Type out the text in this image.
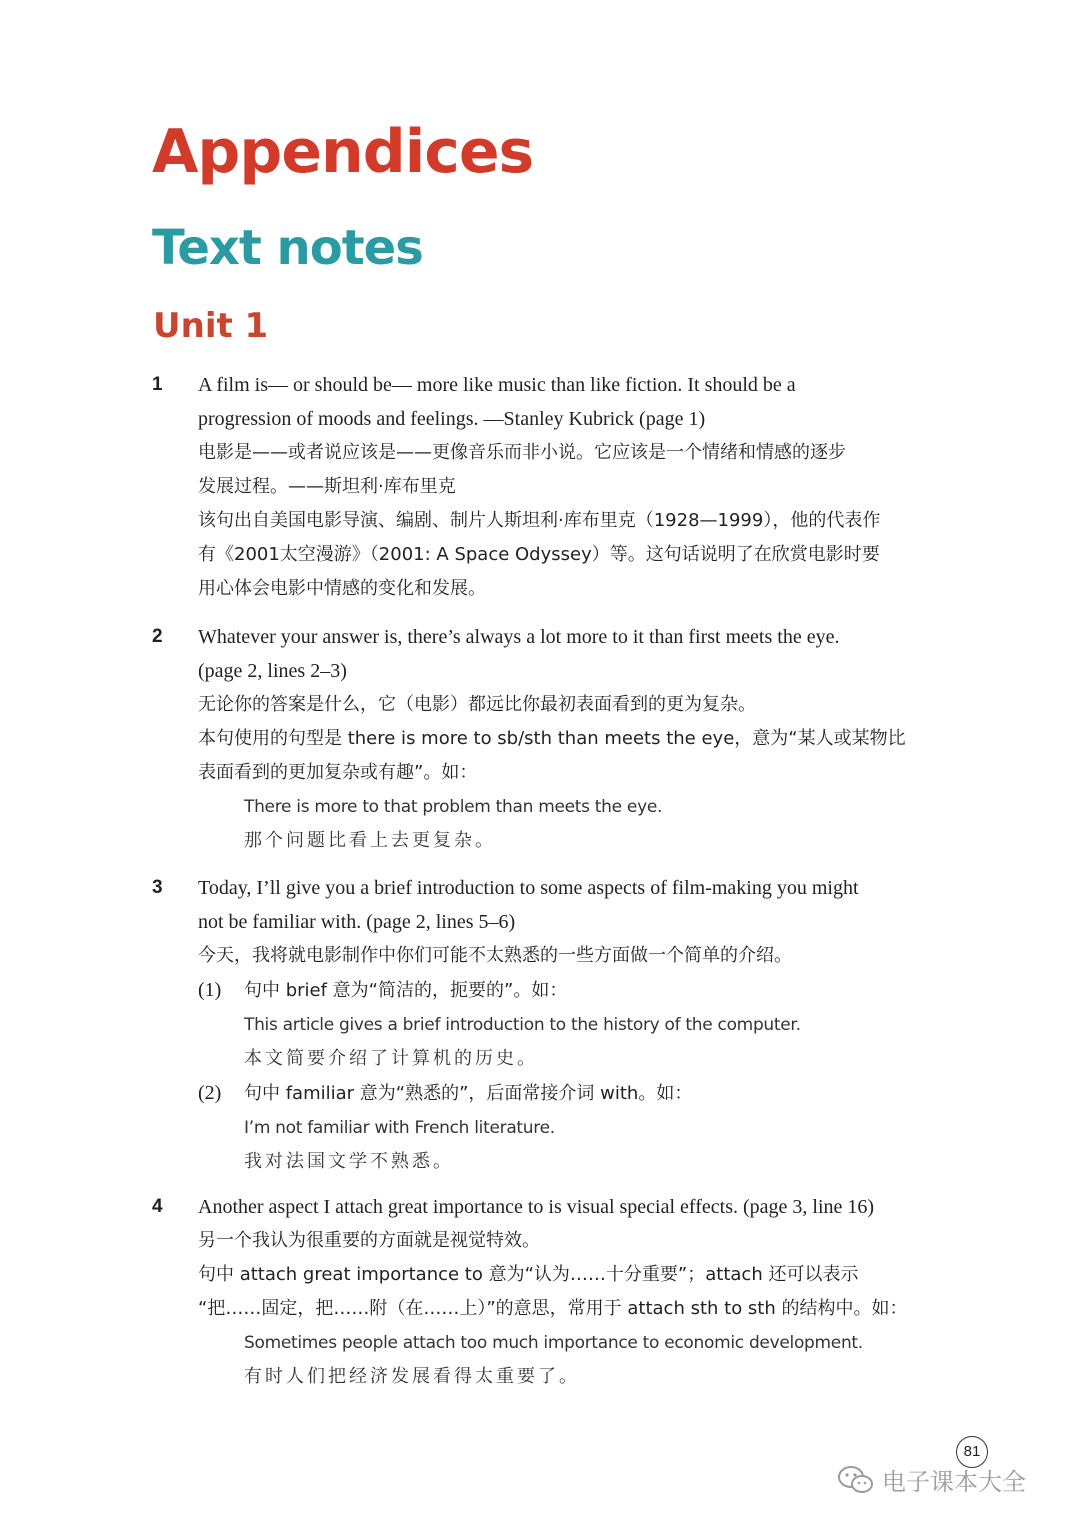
Appendices
Text notes
Unit 1
1 A film is— or should be— more like music than like fiction. It should be a
progression of moods and feelings. —Stanley Kubrick (page 1)
电影是——或者说应该是——更像音乐而非小说。它应该是一个情绪和情感的逐步
发展过程。——斯坦利·库布里克
该句出自美国电影导演、编剧、制片人斯坦利·库布里克（1928—1999），他的代表作
有《2001太空漫游》（2001: A Space Odyssey）等。这句话说明了在欣赏电影时要
用心体会电影中情感的变化和发展。
2 Whatever your answer is, there’s always a lot more to it than first meets the eye.
(page 2, lines 2–3)
无论你的答案是什么，它（电影）都远比你最初表面看到的更为复杂。
本句使用的句型是 there is more to sb/sth than meets the eye，意为“某人或某物比
表面看到的更加复杂或有趣”。如：
There is more to that problem than meets the eye.
那个问题比看上去更复杂。
3 Today, I’ll give you a brief introduction to some aspects of film-making you might
not be familiar with. (page 2, lines 5–6)
今天，我将就电影制作中你们可能不太熟悉的一些方面做一个简单的介绍。
(1) 句中 brief 意为“简洁的，扼要的”。如：
This article gives a brief introduction to the history of the computer.
本文简要介绍了计算机的历史。
(2) 句中 familiar 意为“熟悉的”，后面常接介词 with。如：
I’m not familiar with French literature.
我对法国文学不熟悉。
4 Another aspect I attach great importance to is visual special effects. (page 3, line 16)
另一个我认为很重要的方面就是视觉特效。
句中 attach great importance to 意为“认为……十分重要”；attach 还可以表示
“把……固定，把……附（在……上）”的意思，常用于 attach sth to sth 的结构中。如：
Sometimes people attach too much importance to economic development.
有时人们把经济发展看得太重要了。
81
电子课本大全
